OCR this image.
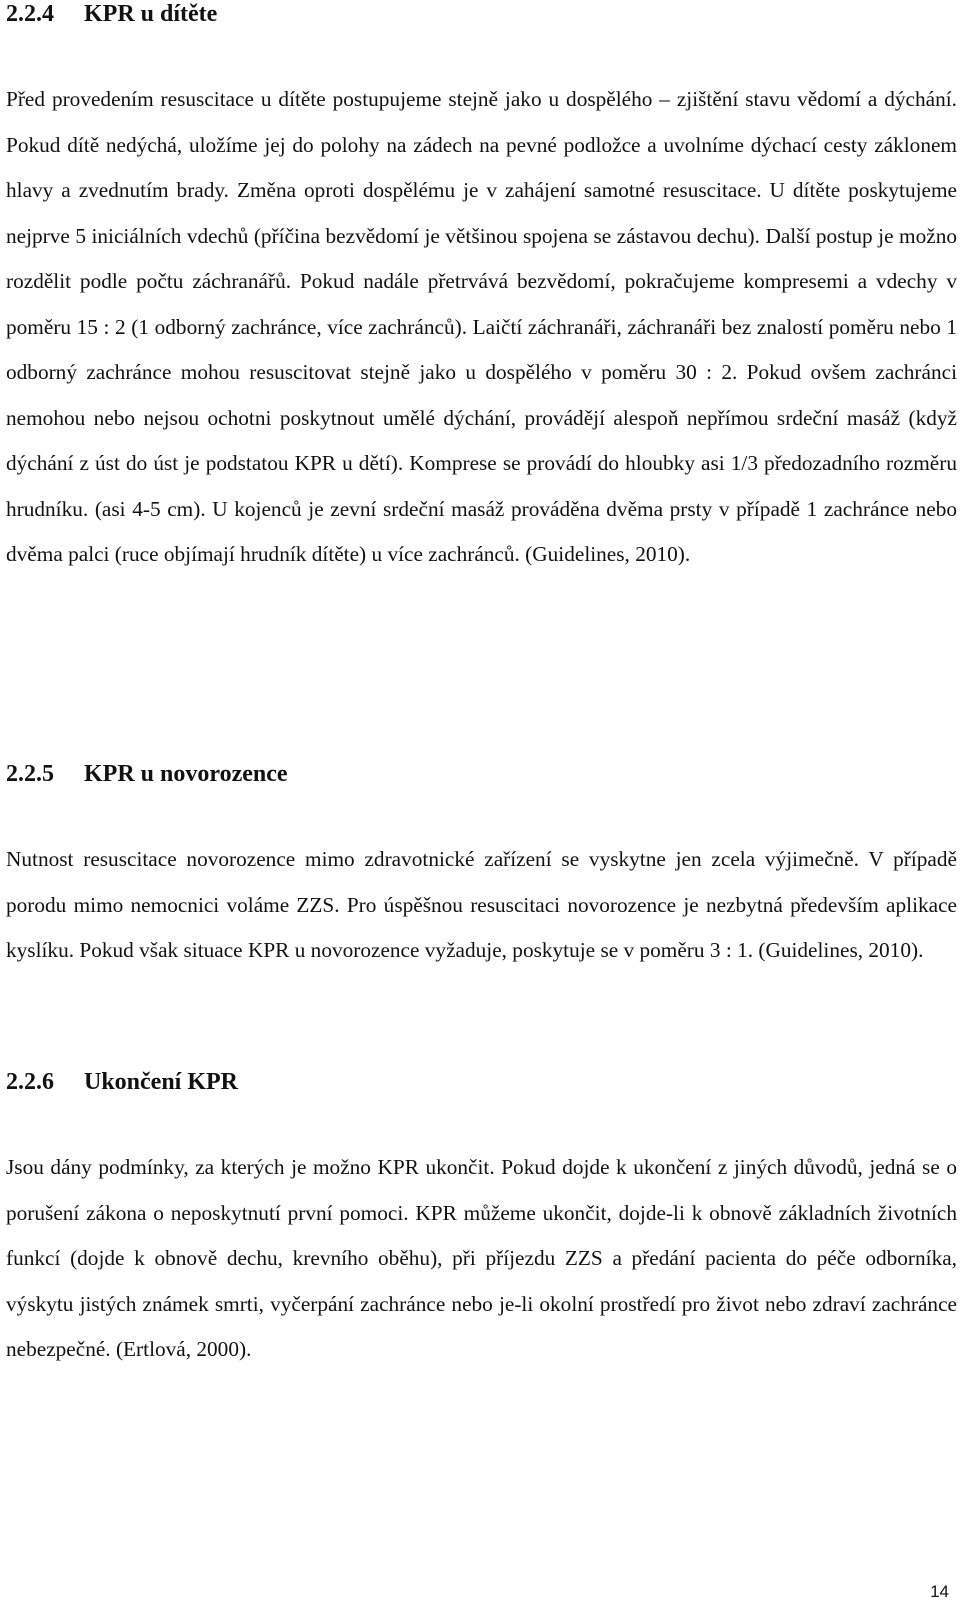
2.2.4 KPR u dítěte

Před provedením resuscitace u dítěte postupujeme stejně jako u dospělého – zjištění stavu vědomí a dýchání. Pokud dítě nedýchá, uložíme jej do polohy na zádech na pevné podložce a uvolníme dýchací cesty záklonem hlavy a zvednutím brady. Změna oproti dospělému je v zahájení samotné resuscitace. U dítěte poskytujeme nejprve 5 iniciálních vdechů (příčina bezvědomí je většinou spojena se zástavou dechu). Další postup je možno rozdělit podle počtu záchranářů. Pokud nadále přetrvává bezvědomí, pokračujeme kompresemi a vdechy v poměru 15 : 2 (1 odborný zachránce, více zachránců). Laičtí záchranáři, záchranáři bez znalostí poměru nebo 1 odborný zachránce mohou resuscitovat stejně jako u dospělého v poměru 30 : 2. Pokud ovšem zachránci nemohou nebo nejsou ochotni poskytnout umělé dýchání, provádějí alespoň nepřímou srdeční masáž (když dýchání z úst do úst je podstatou KPR u dětí). Komprese se provádí do hloubky asi 1/3 předozadního rozměru hrudníku. (asi 4-5 cm). U kojenců je zevní srdeční masáž prováděna dvěma prsty v případě 1 zachránce nebo dvěma palci (ruce objímají hrudník dítěte) u více zachránců. (Guidelines, 2010).

2.2.5 KPR u novorozence

Nutnost resuscitace novorozence mimo zdravotnické zařízení se vyskytne jen zcela výjimečně. V případě porodu mimo nemocnici voláme ZZS. Pro úspěšnou resuscitaci novorozence je nezbytná především aplikace kyslíku. Pokud však situace KPR u novorozence vyžaduje, poskytuje se v poměru 3 : 1. (Guidelines, 2010).

2.2.6 Ukončení KPR

Jsou dány podmínky, za kterých je možno KPR ukončit. Pokud dojde k ukončení z jiných důvodů, jedná se o porušení zákona o neposkytnutí první pomoci. KPR můžeme ukončit, dojde-li k obnově základních životních funkcí (dojde k obnově dechu, krevního oběhu), při příjezdu ZZS a předání pacienta do péče odborníka, výskytu jistých známek smrti, vyčerpání zachránce nebo je-li okolní prostředí pro život nebo zdraví zachránce nebezpečné. (Ertlová, 2000).

14
